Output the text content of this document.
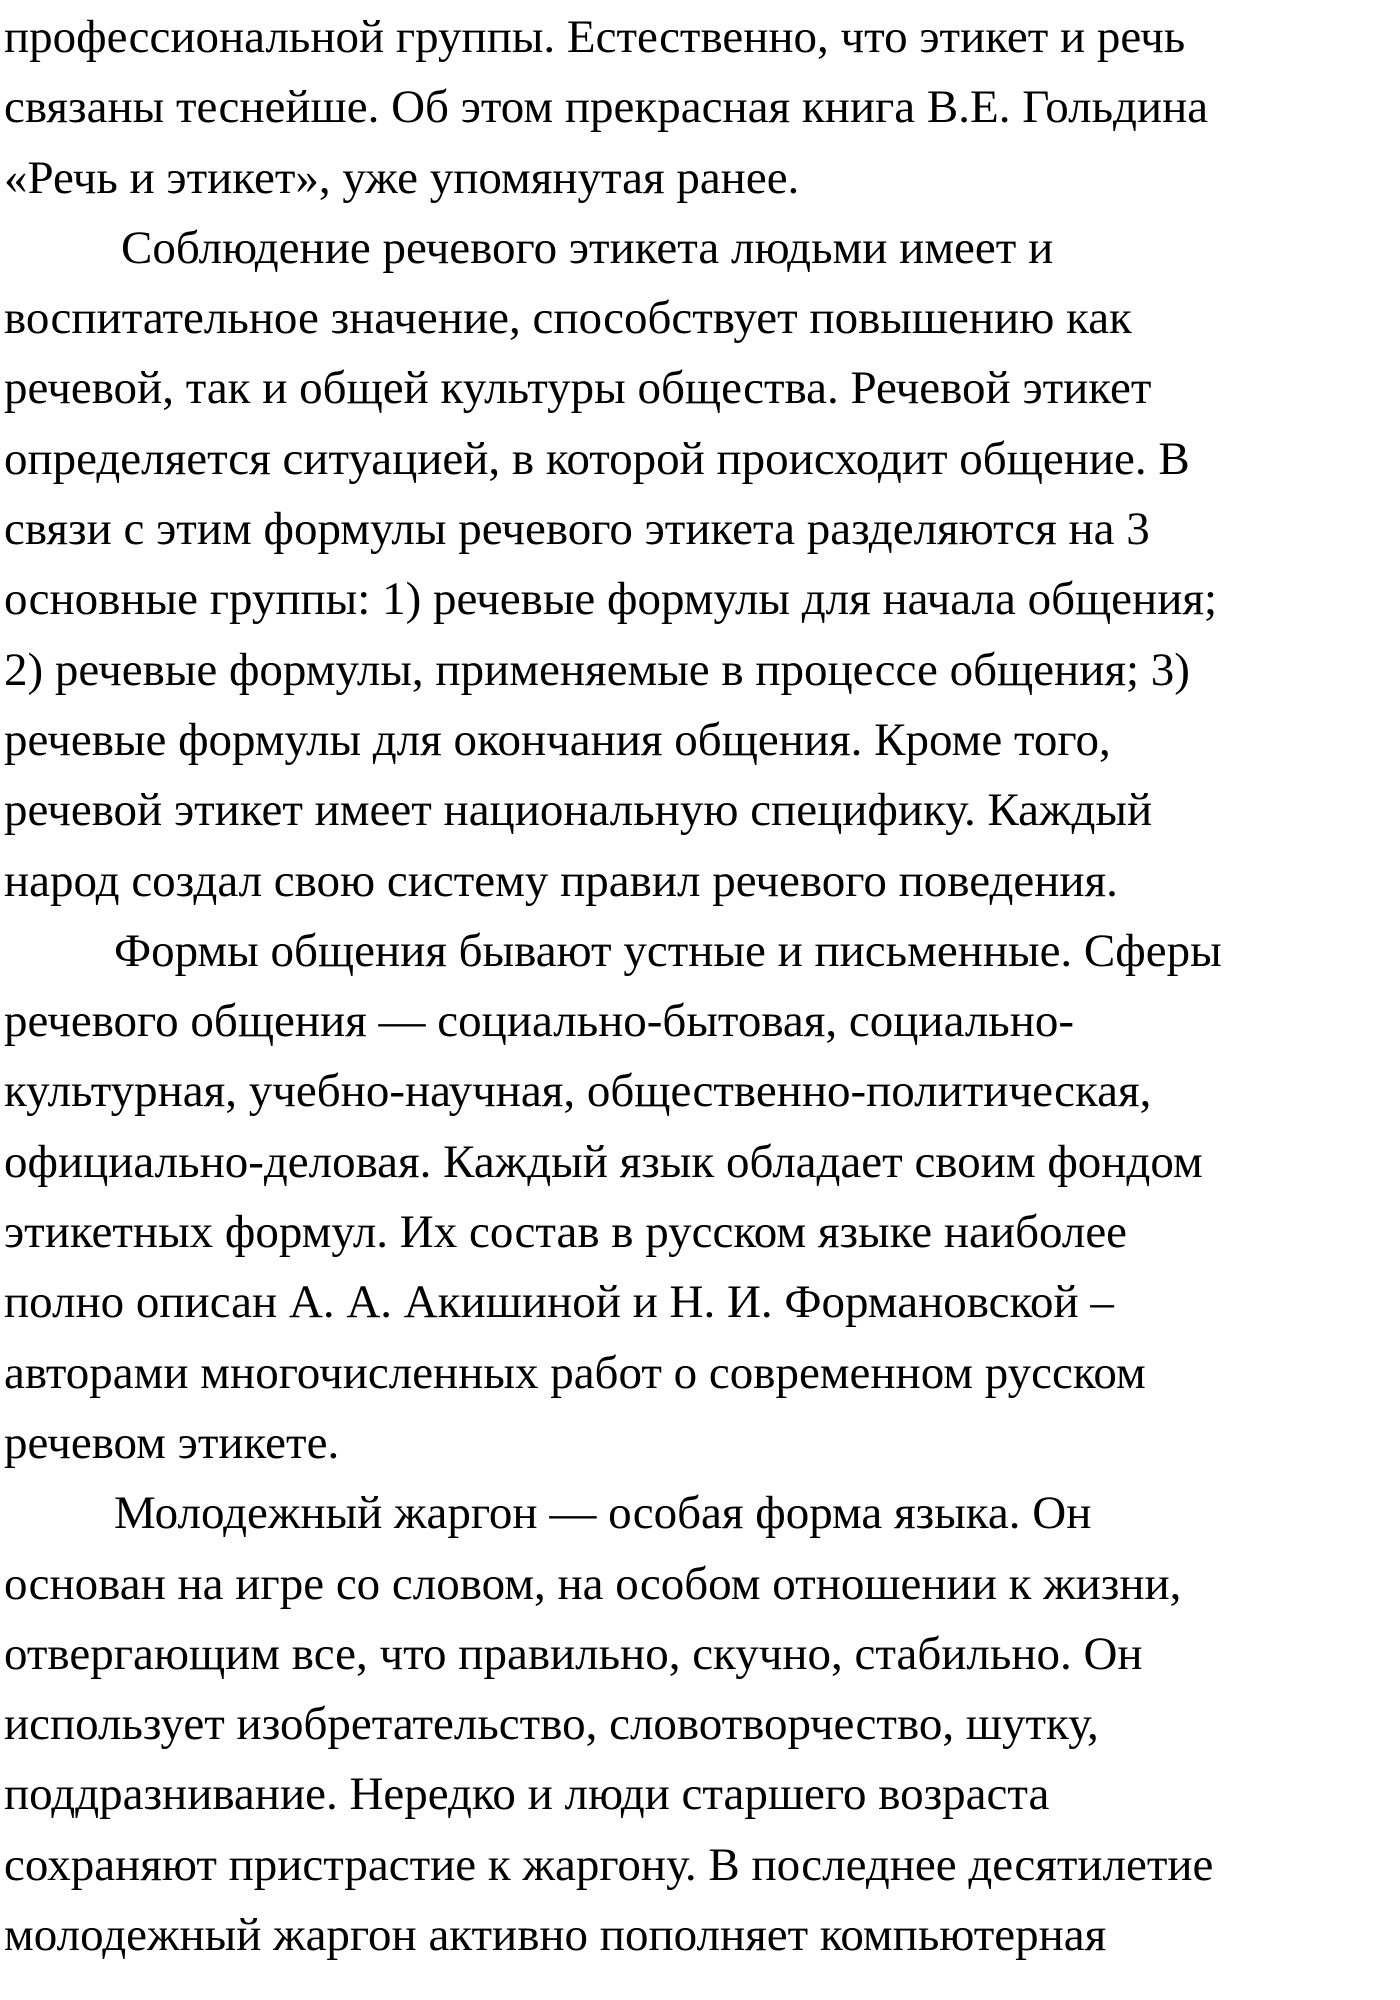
профессиональной группы. Естественно, что этикет и речь
связаны теснейше. Об этом прекрасная книга В.Е. Гольдина
«Речь и этикет», уже упомянутая ранее.
Соблюдение речевого этикета людьми имеет и
воспитательное значение, способствует повышению как
речевой, так и общей культуры общества. Речевой этикет
определяется ситуацией, в которой происходит общение. В
связи с этим формулы речевого этикета разделяются на 3
основные группы: 1) речевые формулы для начала общения;
2) речевые формулы, применяемые в процессе общения; 3)
речевые формулы для окончания общения. Кроме того,
речевой этикет имеет национальную специфику. Каждый
народ создал свою систему правил речевого поведения.
Формы общения бывают устные и письменные. Сферы
речевого общения — социально-бытовая, социально-
культурная, учебно-научная, общественно-политическая,
официально-деловая. Каждый язык обладает своим фондом
этикетных формул. Их состав в русском языке наиболее
полно описан А. А. Акишиной и Н. И. Формановской –
авторами многочисленных работ о современном русском
речевом этикете.
Молодежный жаргон — особая форма языка. Он
основан на игре со словом, на особом отношении к жизни,
отвергающим все, что правильно, скучно, стабильно. Он
использует изобретательство, словотворчество, шутку,
поддразнивание. Нередко и люди старшего возраста
сохраняют пристрастие к жаргону. В последнее десятилетие
молодежный жаргон активно пополняет компьютерная
